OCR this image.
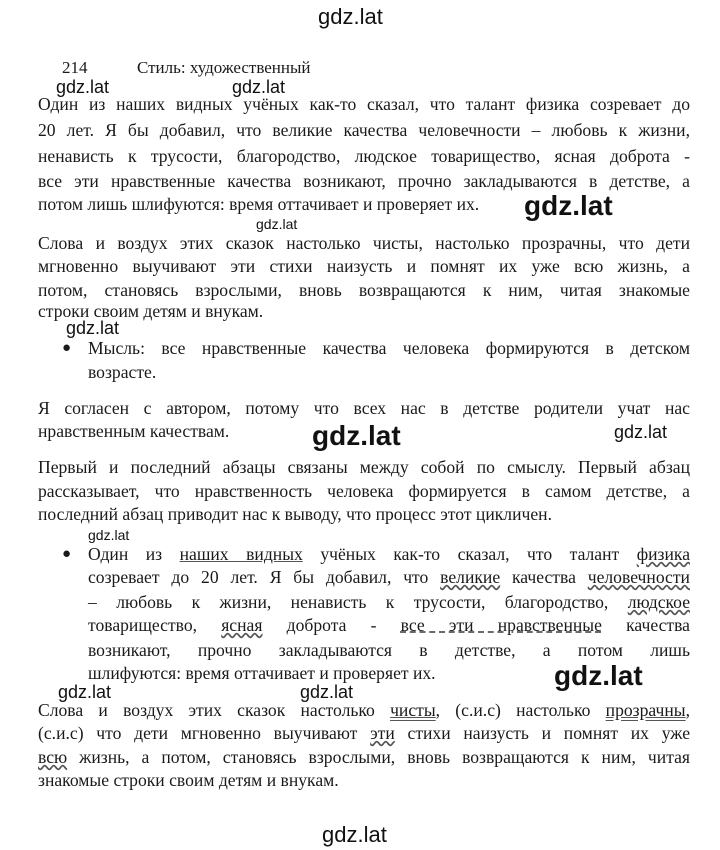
gdz.lat
214	Стиль: художественный
Один из наших видных учёных как-то сказал, что талант физика созревает до
20 лет. Я бы добавил, что великие качества человечности – любовь к жизни,
ненависть к трусости, благородство, людское товарищество, ясная доброта -
все эти нравственные качества возникают, прочно закладываются в детстве, а
потом лишь шлифуются: время оттачивает и проверяет их.
Слова и воздух этих сказок настолько чисты, настолько прозрачны, что дети
мгновенно выучивают эти стихи наизусть и помнят их уже всю жизнь, а
потом, становясь взрослыми, вновь возвращаются к ним, читая знакомые
строки своим детям и внукам.
● Мысль: все нравственные качества человека формируются в детском
возрасте.
Я согласен с автором, потому что всех нас в детстве родители учат нас
нравственным качествам.
Первый и последний абзацы связаны между собой по смыслу. Первый абзац
рассказывает, что нравственность человека формируется в самом детстве, а
последний абзац приводит нас к выводу, что процесс этот цикличен.
● Один из наших видных учёных как-то сказал, что талант физика
созревает до 20 лет. Я бы добавил, что великие качества человечности
– любовь к жизни, ненависть к трусости, благородство, людское
товарищество, ясная доброта - все эти нравственные качества
возникают, прочно закладываются в детстве, а потом лишь
шлифуются: время оттачивает и проверяет их.
Слова и воздух этих сказок настолько чисты, (с.и.с) настолько прозрачны,
(с.и.с) что дети мгновенно выучивают эти стихи наизусть и помнят их уже
всю жизнь, а потом, становясь взрослыми, вновь возвращаются к ним, читая
знакомые строки своим детям и внукам.
gdz.lat	gdz.lat
gdz.lat
gdz.lat
gdz.lat
gdz.lat	gdz.lat
gdz.lat
gdz.lat
gdz.lat	gdz.lat
gdz.lat
